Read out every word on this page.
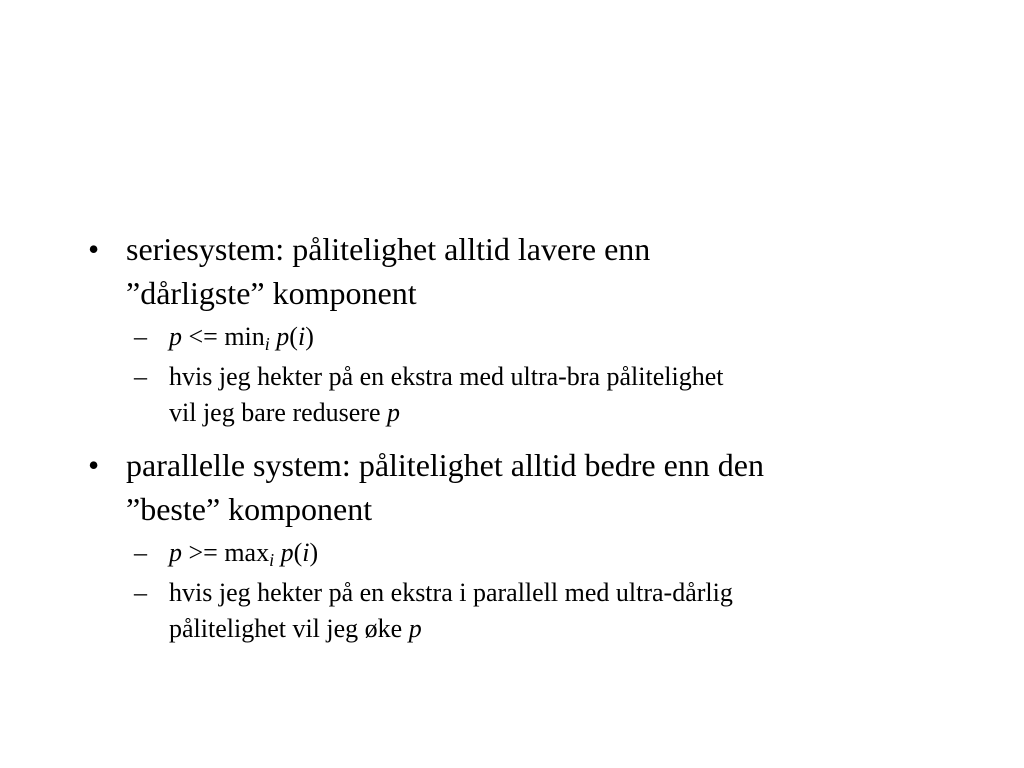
• seriesystem: pålitelighet alltid lavere enn
”dårligste” komponent
– $p <= \min_i p(i)$
– hvis jeg hekter på en ekstra med ultra-bra pålitelighet
vil jeg bare redusere p
• parallelle system: pålitelighet alltid bedre enn den
”beste” komponent
– $p >= \max_i p(i)$
– hvis jeg hekter på en ekstra i parallell med ultra-dårlig
pålitelighet vil jeg øke p
